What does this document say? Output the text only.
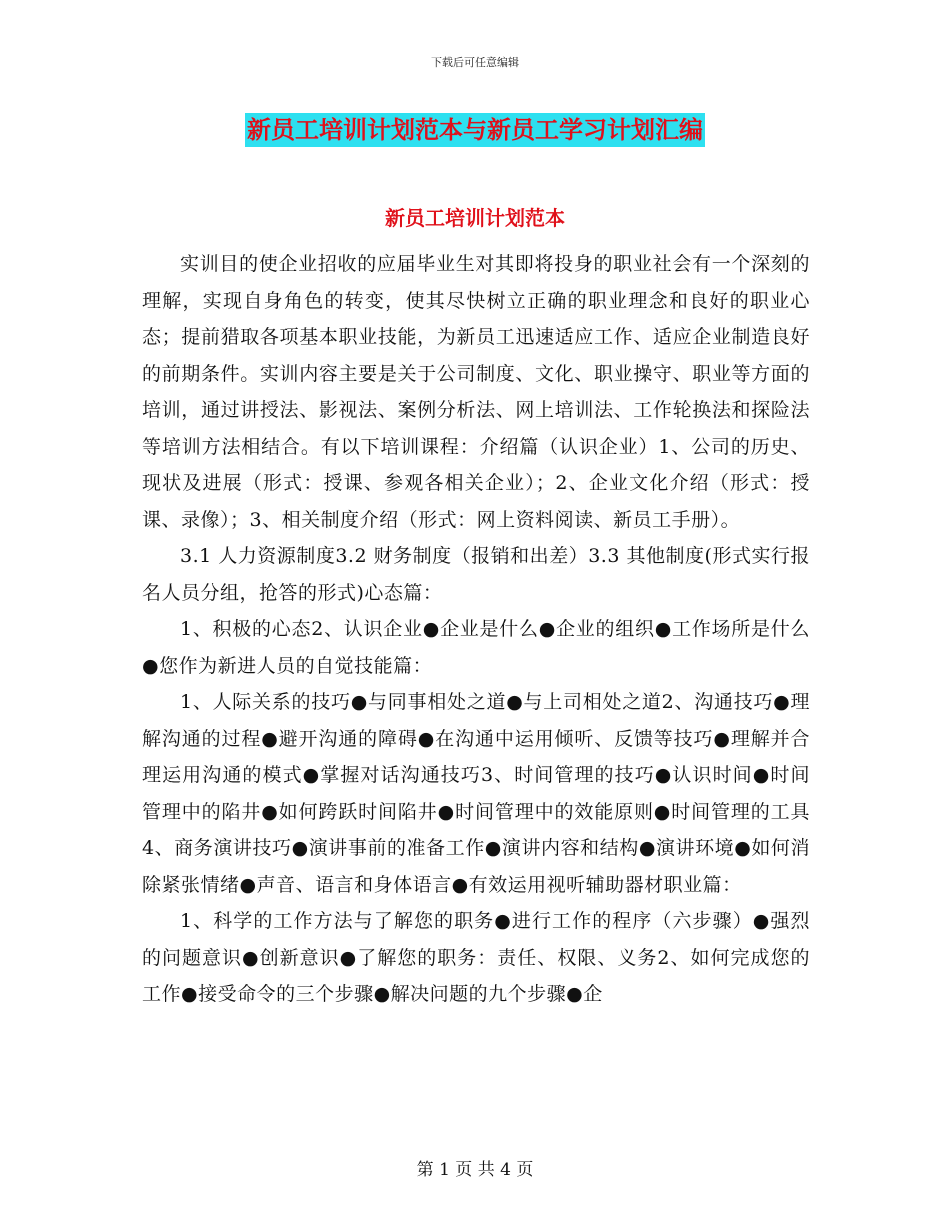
下载后可任意编辑
新员工培训计划范本与新员工学习计划汇编
新员工培训计划范本

实训目的使企业招收的应届毕业生对其即将投身的职业社会有一个深刻的理解，实现自身角色的转变，使其尽快树立正确的职业理念和良好的职业心态；提前猎取各项基本职业技能，为新员工迅速适应工作、适应企业制造良好的前期条件。实训内容主要是关于公司制度、文化、职业操守、职业等方面的培训，通过讲授法、影视法、案例分析法、网上培训法、工作轮换法和探险法等培训方法相结合。有以下培训课程：介绍篇（认识企业）1、公司的历史、现状及进展（形式：授课、参观各相关企业）；2、企业文化介绍（形式：授课、录像）；3、相关制度介绍（形式：网上资料阅读、新员工手册）。

3.1 人力资源制度3.2 财务制度（报销和出差）3.3 其他制度(形式实行报名人员分组，抢答的形式)心态篇：

1、积极的心态2、认识企业●企业是什么●企业的组织●工作场所是什么●您作为新进人员的自觉技能篇：

1、人际关系的技巧●与同事相处之道●与上司相处之道2、沟通技巧●理解沟通的过程●避开沟通的障碍●在沟通中运用倾听、反馈等技巧●理解并合理运用沟通的模式●掌握对话沟通技巧3、时间管理的技巧●认识时间●时间管理中的陷井●如何跨跃时间陷井●时间管理中的效能原则●时间管理的工具4、商务演讲技巧●演讲事前的准备工作●演讲内容和结构●演讲环境●如何消除紧张情绪●声音、语言和身体语言●有效运用视听辅助器材职业篇：

1、科学的工作方法与了解您的职务●进行工作的程序（六步骤）●强烈的问题意识●创新意识●了解您的职务：责任、权限、义务2、如何完成您的工作●接受命令的三个步骤●解决问题的九个步骤●企

第 1 页 共 4 页
